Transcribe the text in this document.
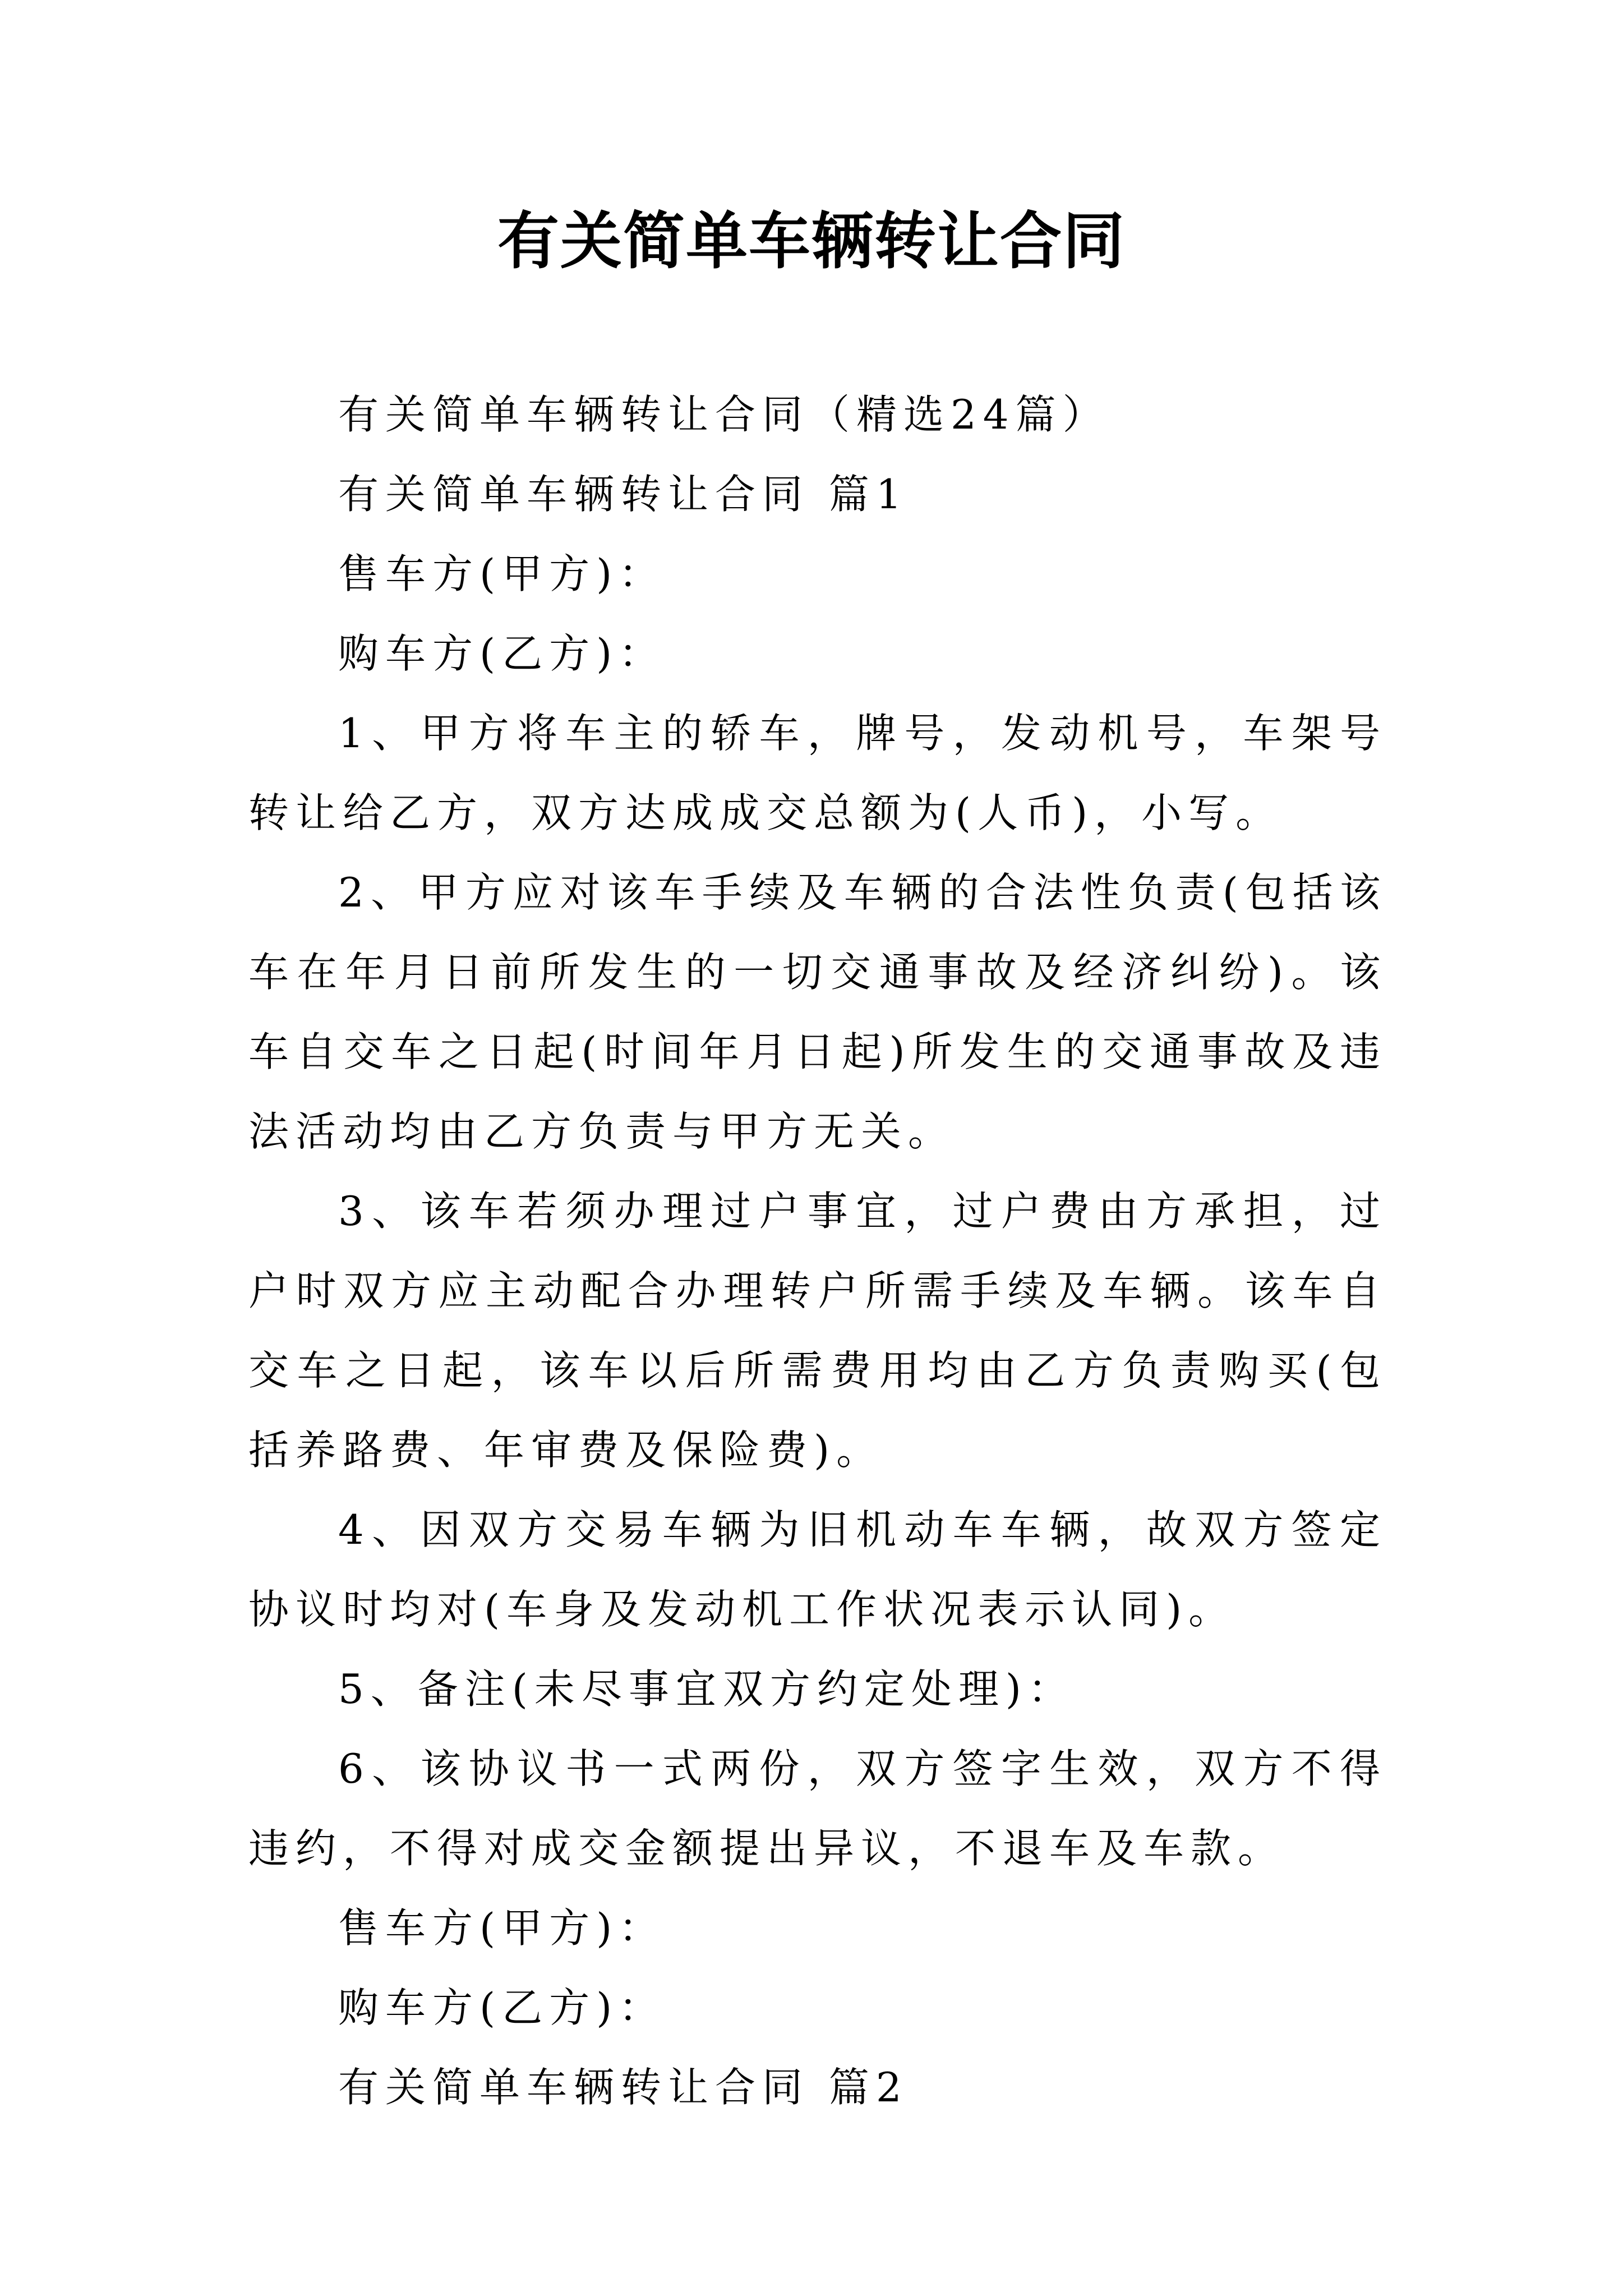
有关简单车辆转让合同

有关简单车辆转让合同（精选24篇）

有关简单车辆转让合同 篇1

售车方(甲方)：

购车方(乙方)：

1、甲方将车主的轿车，牌号，发动机号，车架号转让给乙方，双方达成成交总额为(人币)，小写。

2、甲方应对该车手续及车辆的合法性负责(包括该车在年月日前所发生的一切交通事故及经济纠纷)。该车自交车之日起(时间年月日起)所发生的交通事故及违法活动均由乙方负责与甲方无关。

3、该车若须办理过户事宜，过户费由方承担，过户时双方应主动配合办理转户所需手续及车辆。该车自交车之日起，该车以后所需费用均由乙方负责购买(包括养路费、年审费及保险费)。

4、因双方交易车辆为旧机动车车辆，故双方签定协议时均对(车身及发动机工作状况表示认同)。

5、备注(未尽事宜双方约定处理)：

6、该协议书一式两份，双方签字生效，双方不得违约，不得对成交金额提出异议，不退车及车款。

售车方(甲方)：

购车方(乙方)：

有关简单车辆转让合同 篇2
